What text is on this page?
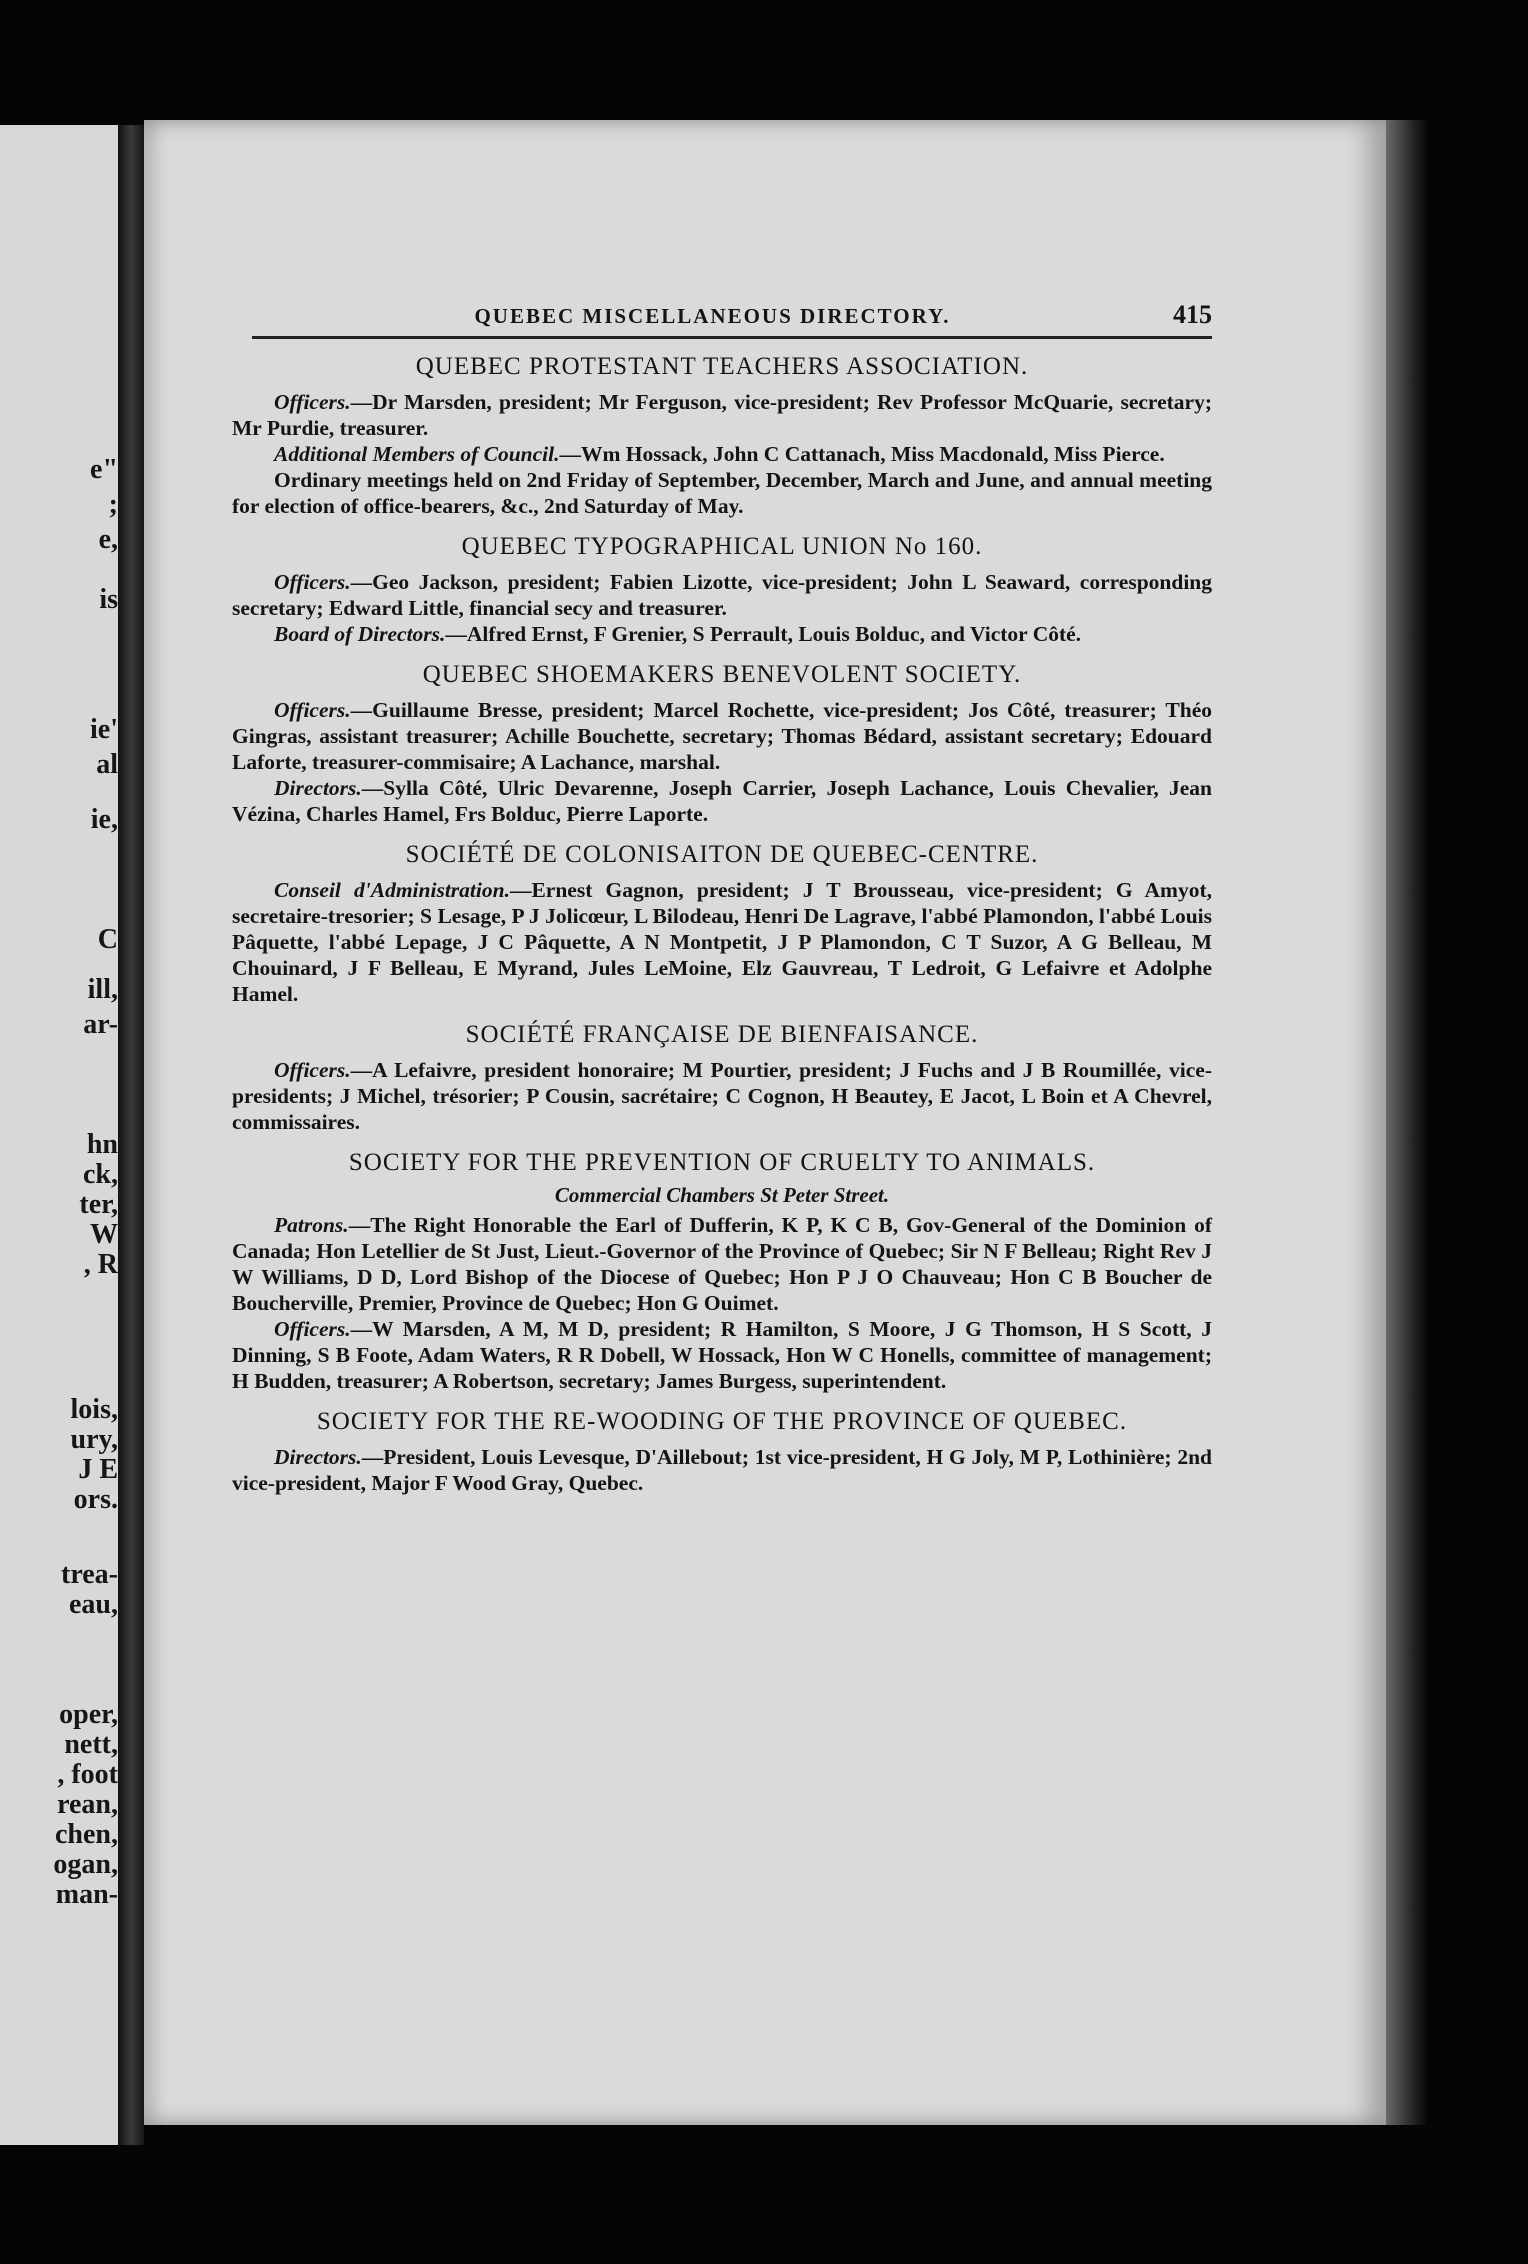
e"
;
e,
is
ie'
al
ie,
C
ill,
ar-
hn
ck,
ter,
W
, R
lois,
ury,
J E
ors.
trea-
eau,
oper,
nett,
, foot
rean,
chen,
ogan,
man-
QUEBEC MISCELLANEOUS DIRECTORY.	415
QUEBEC PROTESTANT TEACHERS ASSOCIATION.

Officers.—Dr Marsden, president; Mr Ferguson, vice-president; Rev Professor McQuarie, secretary; Mr Purdie, treasurer.

Additional Members of Council.—Wm Hossack, John C Cattanach, Miss Macdonald, Miss Pierce.

Ordinary meetings held on 2nd Friday of September, December, March and June, and annual meeting for election of office-bearers, &c., 2nd Saturday of May.

QUEBEC TYPOGRAPHICAL UNION No 160.

Officers.—Geo Jackson, president; Fabien Lizotte, vice-president; John L Seaward, corresponding secretary; Edward Little, financial secy and treasurer.

Board of Directors.—Alfred Ernst, F Grenier, S Perrault, Louis Bolduc, and Victor Côté.

QUEBEC SHOEMAKERS BENEVOLENT SOCIETY.

Officers.—Guillaume Bresse, president; Marcel Rochette, vice-president; Jos Côté, treasurer; Théo Gingras, assistant treasurer; Achille Bouchette, secretary; Thomas Bédard, assistant secretary; Edouard Laforte, treasurer-commisaire; A Lachance, marshal.

Directors.—Sylla Côté, Ulric Devarenne, Joseph Carrier, Joseph Lachance, Louis Chevalier, Jean Vézina, Charles Hamel, Frs Bolduc, Pierre Laporte.

SOCIÉTÉ DE COLONISAITON DE QUEBEC-CENTRE.

Conseil d'Administration.—Ernest Gagnon, president; J T Brousseau, vice-president; G Amyot, secretaire-tresorier; S Lesage, P J Jolicœur, L Bilodeau, Henri De Lagrave, l'abbé Plamondon, l'abbé Louis Pâquette, l'abbé Lepage, J C Pâquette, A N Montpetit, J P Plamondon, C T Suzor, A G Belleau, M Chouinard, J F Belleau, E Myrand, Jules LeMoine, Elz Gauvreau, T Ledroit, G Lefaivre et Adolphe Hamel.

SOCIÉTÉ FRANÇAISE DE BIENFAISANCE.

Officers.—A Lefaivre, president honoraire; M Pourtier, president; J Fuchs and J B Roumillée, vice-presidents; J Michel, trésorier; P Cousin, sacrétaire; C Cognon, H Beautey, E Jacot, L Boin et A Chevrel, commissaires.

SOCIETY FOR THE PREVENTION OF CRUELTY TO ANIMALS.
Commercial Chambers St Peter Street.

Patrons.—The Right Honorable the Earl of Dufferin, K P, K C B, Gov-General of the Dominion of Canada; Hon Letellier de St Just, Lieut.-Governor of the Province of Quebec; Sir N F Belleau; Right Rev J W Williams, D D, Lord Bishop of the Diocese of Quebec; Hon P J O Chauveau; Hon C B Boucher de Boucherville, Premier, Province de Quebec; Hon G Ouimet.

Officers.—W Marsden, A M, M D, president; R Hamilton, S Moore, J G Thomson, H S Scott, J Dinning, S B Foote, Adam Waters, R R Dobell, W Hossack, Hon W C Honells, committee of management; H Budden, treasurer; A Robertson, secretary; James Burgess, superintendent.

SOCIETY FOR THE RE-WOODING OF THE PROVINCE OF QUEBEC.

Directors.—President, Louis Levesque, D'Aillebout; 1st vice-president, H G Joly, M P, Lothinière; 2nd vice-president, Major F Wood Gray, Quebec.
